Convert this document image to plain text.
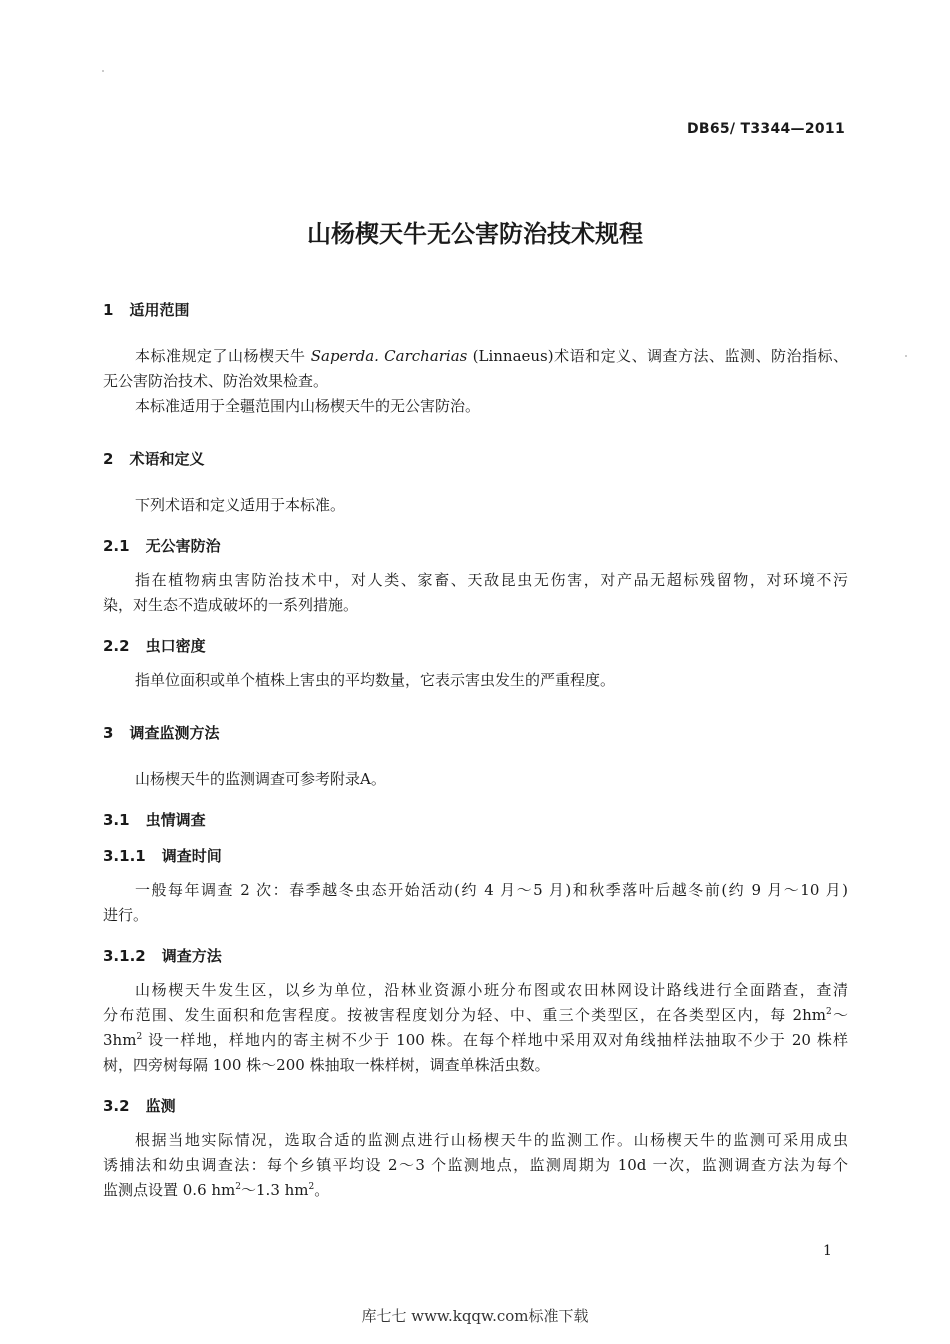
DB65/ T3344—2011
山杨楔天牛无公害防治技术规程
1 适用范围
本标准规定了山杨楔天牛 Saperda. Carcharias (Linnaeus)术语和定义、调查方法、监测、防治指标、
无公害防治技术、防治效果检查。
本标准适用于全疆范围内山杨楔天牛的无公害防治。
2 术语和定义
下列术语和定义适用于本标准。
2.1 无公害防治
指在植物病虫害防治技术中，对人类、家畜、天敌昆虫无伤害，对产品无超标残留物，对环境不污
染，对生态不造成破坏的一系列措施。
2.2 虫口密度
指单位面积或单个植株上害虫的平均数量，它表示害虫发生的严重程度。
3 调查监测方法
山杨楔天牛的监测调查可参考附录A。
3.1 虫情调查
3.1.1 调查时间
一般每年调查 2 次：春季越冬虫态开始活动(约 4 月～5 月)和秋季落叶后越冬前(约 9 月～10 月)
进行。
3.1.2 调查方法
山杨楔天牛发生区，以乡为单位，沿林业资源小班分布图或农田林网设计路线进行全面踏查，查清
分布范围、发生面积和危害程度。按被害程度划分为轻、中、重三个类型区，在各类型区内，每 $2hm^2\sim$
$3hm^2$ 设一样地，样地内的寄主树不少于 100 株。在每个样地中采用双对角线抽样法抽取不少于 20 株样
树，四旁树每隔 100 株～200 株抽取一株样树，调查单株活虫数。
3.2 监测
根据当地实际情况，选取合适的监测点进行山杨楔天牛的监测工作。山杨楔天牛的监测可采用成虫
诱捕法和幼虫调查法：每个乡镇平均设 2～3 个监测地点，监测周期为 10d 一次，监测调查方法为每个
监测点设置 0.6 $hm^2\sim 1.3$ $hm^2$。
1
库七七 www.kqqw.com标准下载
